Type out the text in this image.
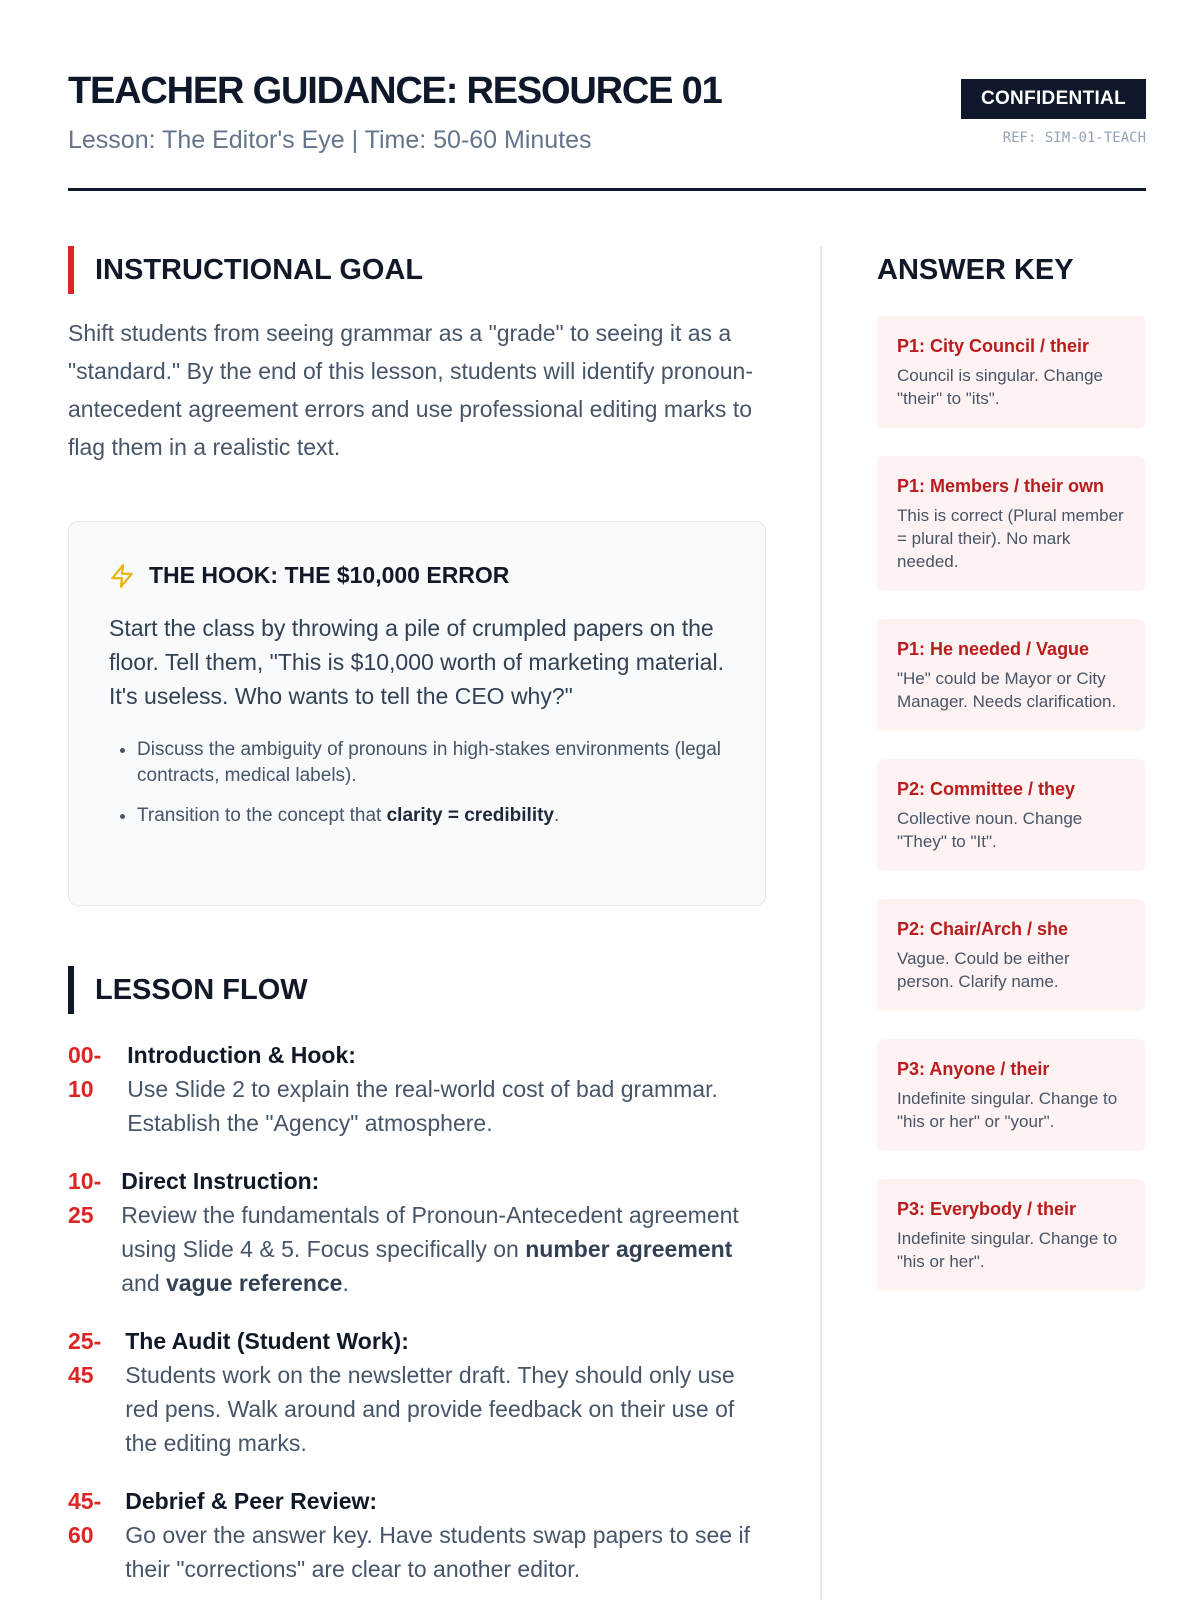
TEACHER GUIDANCE: RESOURCE 01
Lesson: The Editor's Eye | Time: 50-60 Minutes
CONFIDENTIAL
REF: SIM-01-TEACH
INSTRUCTIONAL GOAL
Shift students from seeing grammar as a "grade" to seeing it as a "standard." By the end of this lesson, students will identify pronoun-antecedent agreement errors and use professional editing marks to flag them in a realistic text.
THE HOOK: THE $10,000 ERROR
Start the class by throwing a pile of crumpled papers on the floor. Tell them, "This is $10,000 worth of marketing material. It's useless. Who wants to tell the CEO why?"
• Discuss the ambiguity of pronouns in high-stakes environments (legal contracts, medical labels).
• Transition to the concept that clarity = credibility.
LESSON FLOW
00-
10
Introduction & Hook:
Use Slide 2 to explain the real-world cost of bad grammar. Establish the "Agency" atmosphere.
10-
25
Direct Instruction:
Review the fundamentals of Pronoun-Antecedent agreement using Slide 4 & 5. Focus specifically on number agreement and vague reference.
25-
45
The Audit (Student Work):
Students work on the newsletter draft. They should only use red pens. Walk around and provide feedback on their use of the editing marks.
45-
60
Debrief & Peer Review:
Go over the answer key. Have students swap papers to see if their "corrections" are clear to another editor.
ANSWER KEY
P1: City Council / their
Council is singular. Change "their" to "its".
P1: Members / their own
This is correct (Plural member = plural their). No mark needed.
P1: He needed / Vague
"He" could be Mayor or City Manager. Needs clarification.
P2: Committee / they
Collective noun. Change "They" to "It".
P2: Chair/Arch / she
Vague. Could be either person. Clarify name.
P3: Anyone / their
Indefinite singular. Change to "his or her" or "your".
P3: Everybody / their
Indefinite singular. Change to "his or her".
